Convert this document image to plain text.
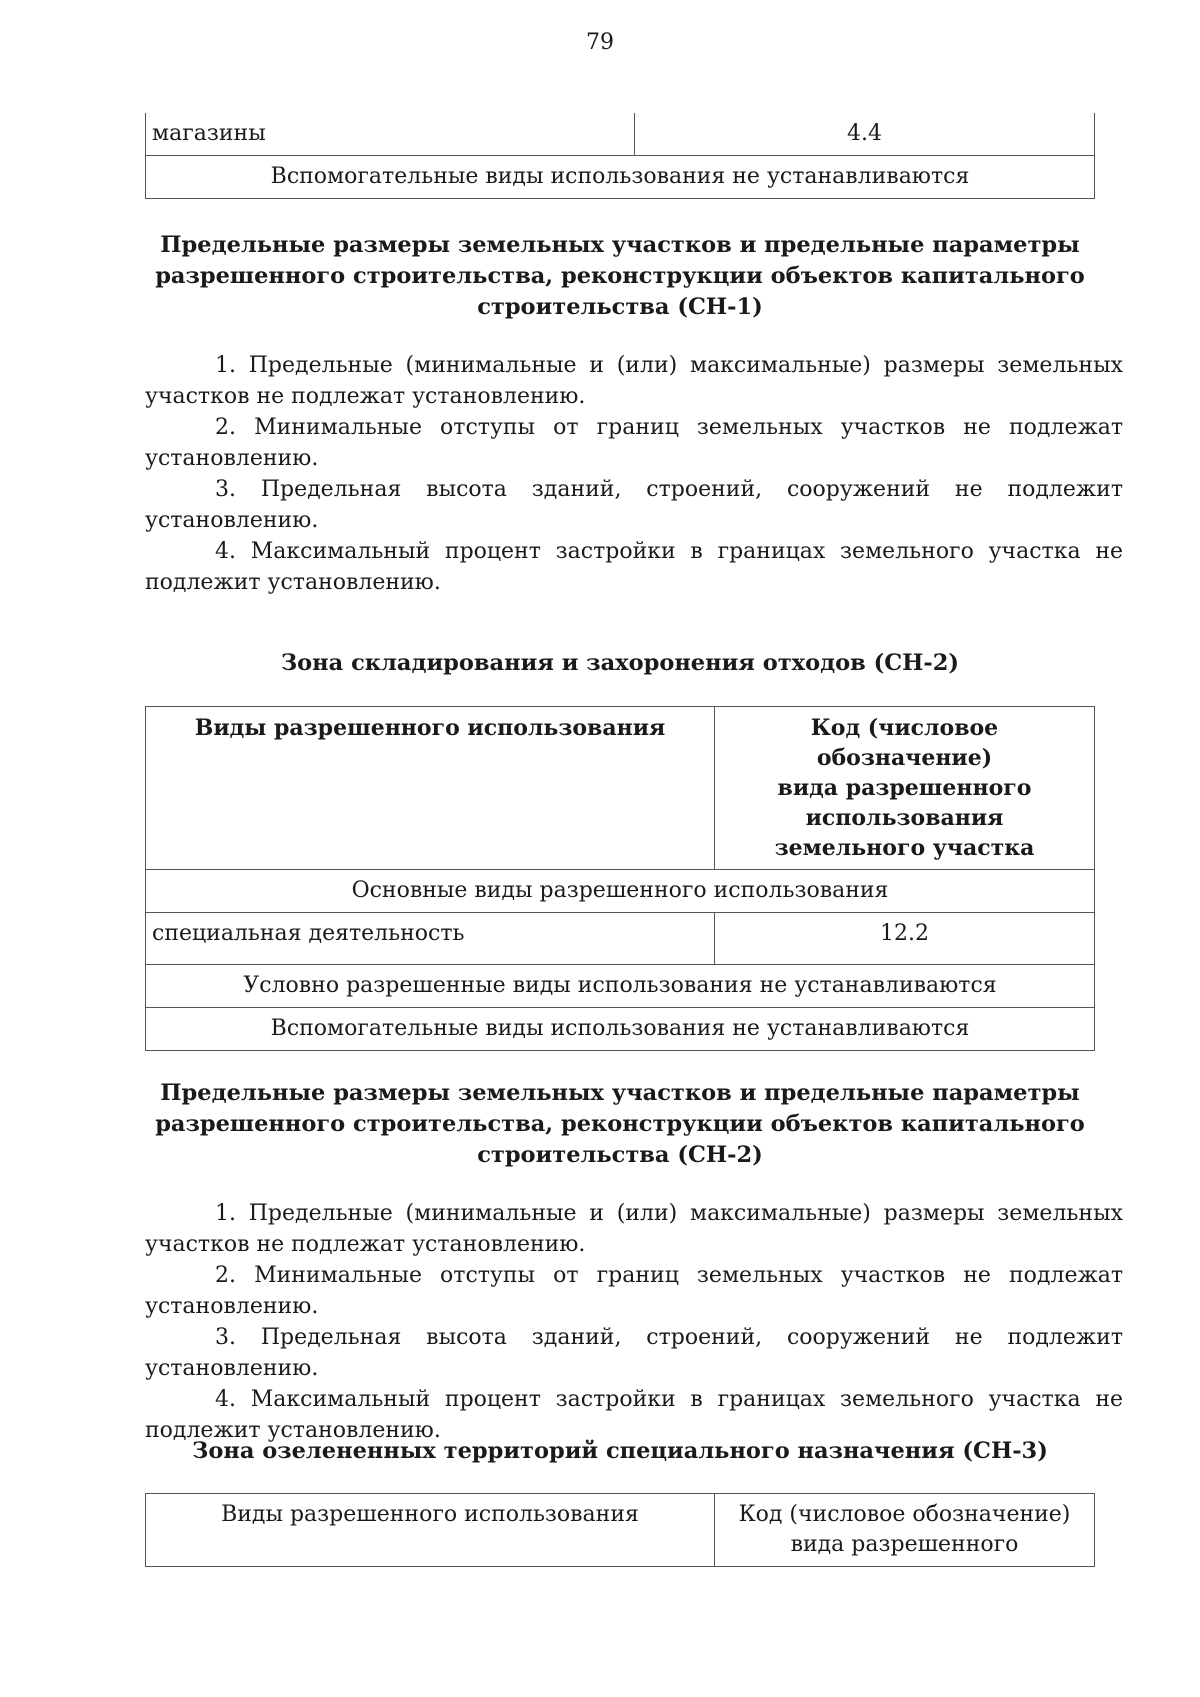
79
магазины	4.4
Вспомогательные виды использования не устанавливаются
Предельные размеры земельных участков и предельные параметры
разрешенного строительства, реконструкции объектов капитального
строительства (СН-1)

1. Предельные (минимальные и (или) максимальные) размеры земельных участков не подлежат установлению.

2. Минимальные отступы от границ земельных участков не подлежат установлению.

3. Предельная высота зданий, строений, сооружений не подлежит установлению.

4. Максимальный процент застройки в границах земельного участка не подлежит установлению.

Зона складирования и захоронения отходов (СН-2)
Виды разрешенного использования	Код (числовое обозначение)
вида разрешенного
использования
земельного участка

Основные виды разрешенного использования	
специальная деятельность	12.2
Условно разрешенные виды использования не устанавливаются	
Вспомогательные виды использования не устанавливаются	
Предельные размеры земельных участков и предельные параметры
разрешенного строительства, реконструкции объектов капитального
строительства (СН-2)

1. Предельные (минимальные и (или) максимальные) размеры земельных участков не подлежат установлению.

2. Минимальные отступы от границ земельных участков не подлежат установлению.

3. Предельная высота зданий, строений, сооружений не подлежит установлению.

4. Максимальный процент застройки в границах земельного участка не подлежит установлению.

Зона озелененных территорий специального назначения (СН-3)
Виды разрешенного использования	Код (числовое обозначение)
вида разрешенного
